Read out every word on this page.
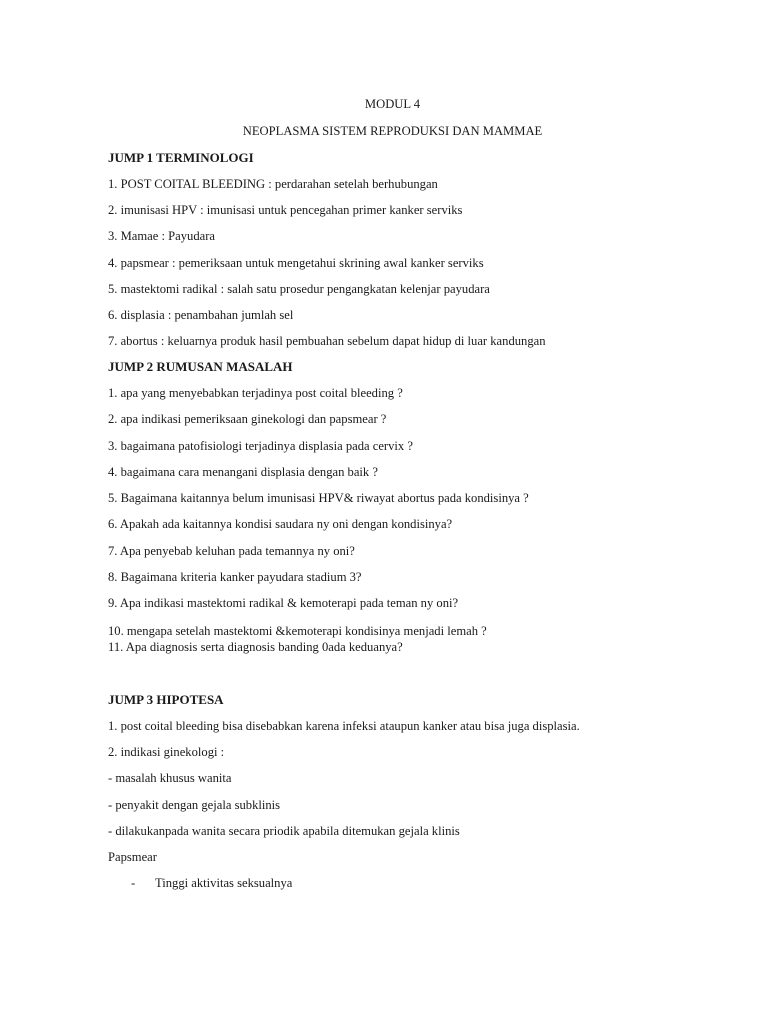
MODUL 4
NEOPLASMA SISTEM REPRODUKSI DAN MAMMAE
JUMP 1 TERMINOLOGI
1. POST COITAL BLEEDING : perdarahan setelah berhubungan
2. imunisasi HPV : imunisasi untuk pencegahan primer kanker serviks
3. Mamae : Payudara
4. papsmear : pemeriksaan untuk mengetahui skrining awal kanker serviks
5. mastektomi radikal : salah satu prosedur pengangkatan kelenjar payudara
6. displasia : penambahan jumlah sel
7. abortus : keluarnya produk hasil pembuahan sebelum dapat hidup di luar kandungan
JUMP 2 RUMUSAN MASALAH
1. apa yang menyebabkan terjadinya post coital bleeding ?
2. apa indikasi pemeriksaan ginekologi dan papsmear ?
3. bagaimana patofisiologi terjadinya displasia pada cervix ?
4. bagaimana cara menangani displasia dengan baik ?
5. Bagaimana kaitannya belum imunisasi HPV& riwayat abortus pada kondisinya ?
6. Apakah ada kaitannya kondisi saudara ny oni dengan kondisinya?
7. Apa penyebab keluhan pada temannya ny oni?
8. Bagaimana kriteria kanker payudara stadium 3?
9. Apa indikasi mastektomi radikal & kemoterapi pada teman ny oni?
10. mengapa setelah mastektomi &kemoterapi kondisinya menjadi lemah ?
11. Apa diagnosis serta diagnosis banding 0ada keduanya?
JUMP 3 HIPOTESA
1. post coital bleeding bisa disebabkan karena infeksi ataupun kanker atau bisa juga displasia.
2. indikasi ginekologi :
- masalah khusus wanita
- penyakit dengan gejala subklinis
- dilakukanpada wanita secara priodik apabila ditemukan gejala klinis
Papsmear
- Tinggi aktivitas seksualnya
